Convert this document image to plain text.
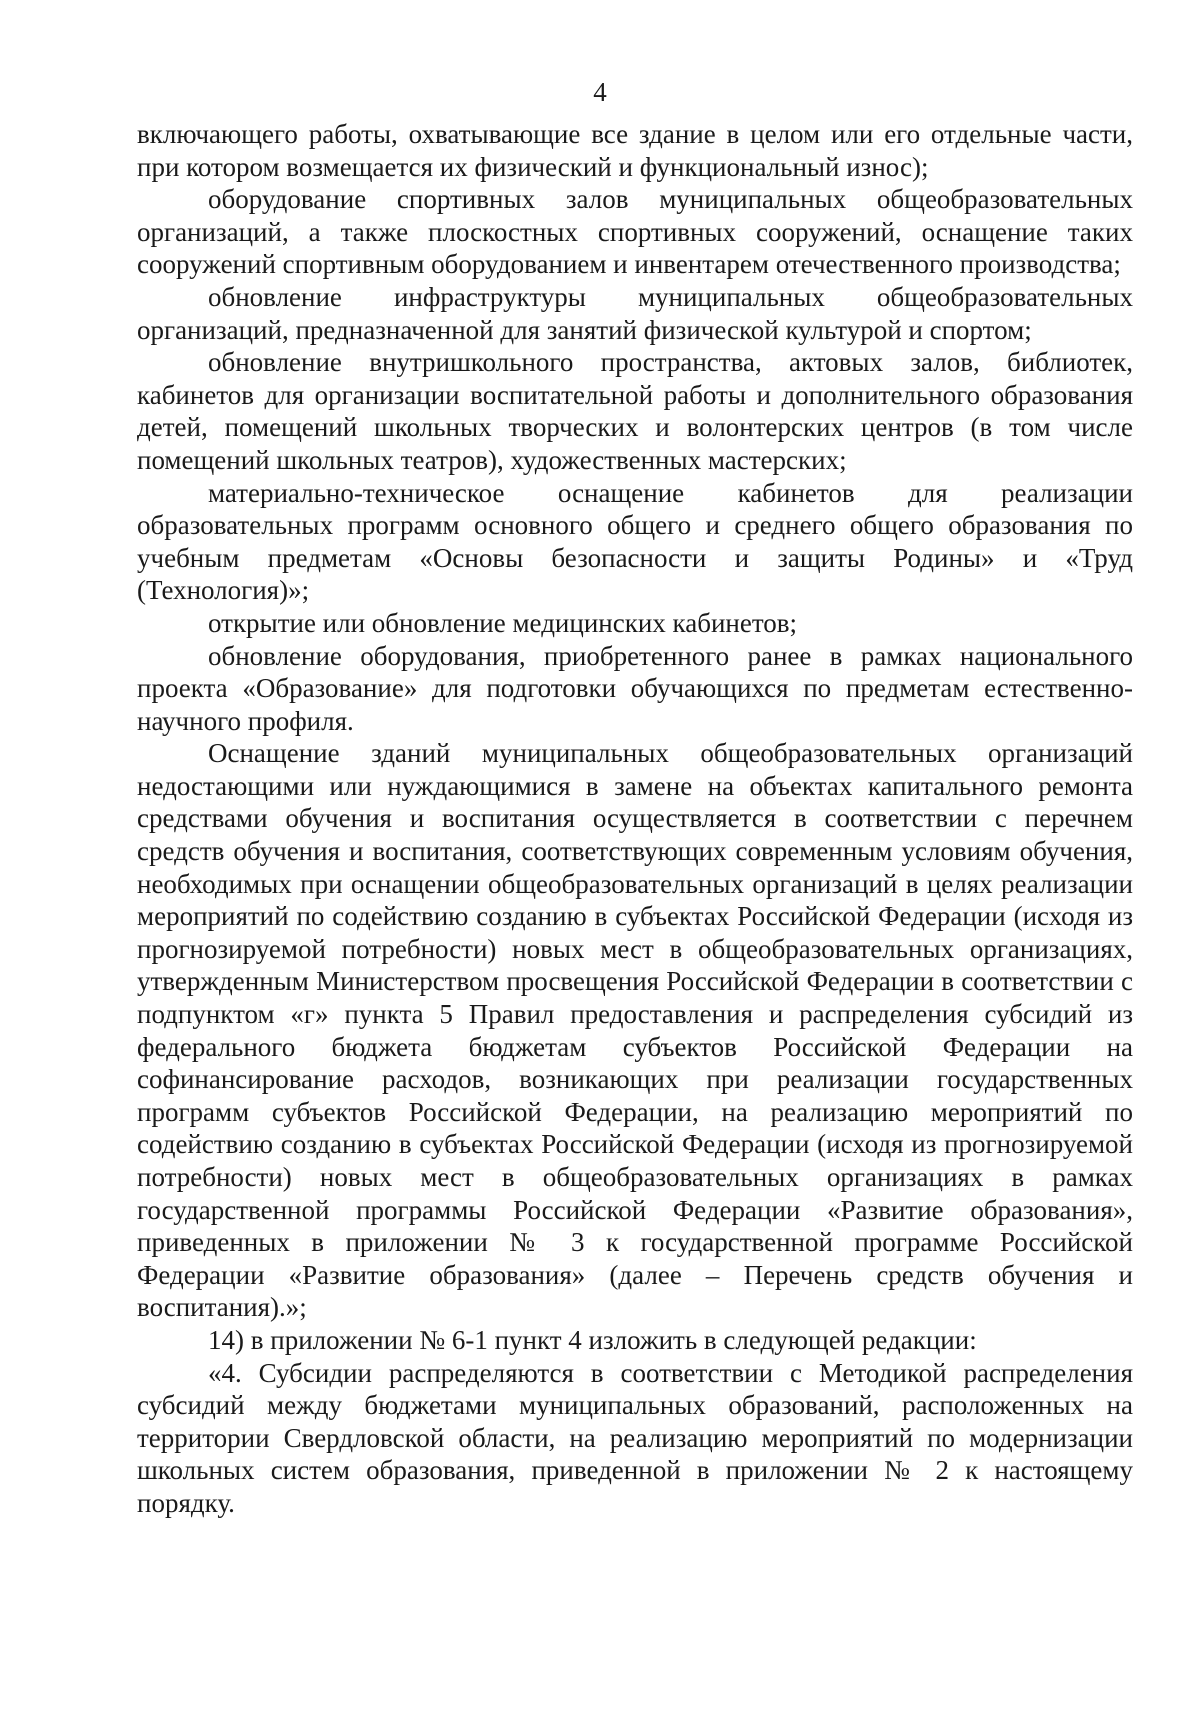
4

включающего работы, охватывающие все здание в целом или его отдельные части, при котором возмещается их физический и функциональный износ);

оборудование спортивных залов муниципальных общеобразовательных организаций, а также плоскостных спортивных сооружений, оснащение таких сооружений спортивным оборудованием и инвентарем отечественного производства;

обновление инфраструктуры муниципальных общеобразовательных организаций, предназначенной для занятий физической культурой и спортом;

обновление внутришкольного пространства, актовых залов, библиотек, кабинетов для организации воспитательной работы и дополнительного образования детей, помещений школьных творческих и волонтерских центров (в том числе помещений школьных театров), художественных мастерских;

материально-техническое оснащение кабинетов для реализации образовательных программ основного общего и среднего общего образования по учебным предметам «Основы безопасности и защиты Родины» и «Труд (Технология)»;

открытие или обновление медицинских кабинетов;

обновление оборудования, приобретенного ранее в рамках национального проекта «Образование» для подготовки обучающихся по предметам естественно-научного профиля.

Оснащение зданий муниципальных общеобразовательных организаций недостающими или нуждающимися в замене на объектах капитального ремонта средствами обучения и воспитания осуществляется в соответствии с перечнем средств обучения и воспитания, соответствующих современным условиям обучения, необходимых при оснащении общеобразовательных организаций в целях реализации мероприятий по содействию созданию в субъектах Российской Федерации (исходя из прогнозируемой потребности) новых мест в общеобразовательных организациях, утвержденным Министерством просвещения Российской Федерации в соответствии с подпунктом «г» пункта 5 Правил предоставления и распределения субсидий из федерального бюджета бюджетам субъектов Российской Федерации на софинансирование расходов, возникающих при реализации государственных программ субъектов Российской Федерации, на реализацию мероприятий по содействию созданию в субъектах Российской Федерации (исходя из прогнозируемой потребности) новых мест в общеобразовательных организациях в рамках государственной программы Российской Федерации «Развитие образования», приведенных в приложении № 3 к государственной программе Российской Федерации «Развитие образования» (далее – Перечень средств обучения и воспитания).»;

14) в приложении № 6-1 пункт 4 изложить в следующей редакции:

«4. Субсидии распределяются в соответствии с Методикой распределения субсидий между бюджетами муниципальных образований, расположенных на территории Свердловской области, на реализацию мероприятий по модернизации школьных систем образования, приведенной в приложении № 2 к настоящему порядку.
